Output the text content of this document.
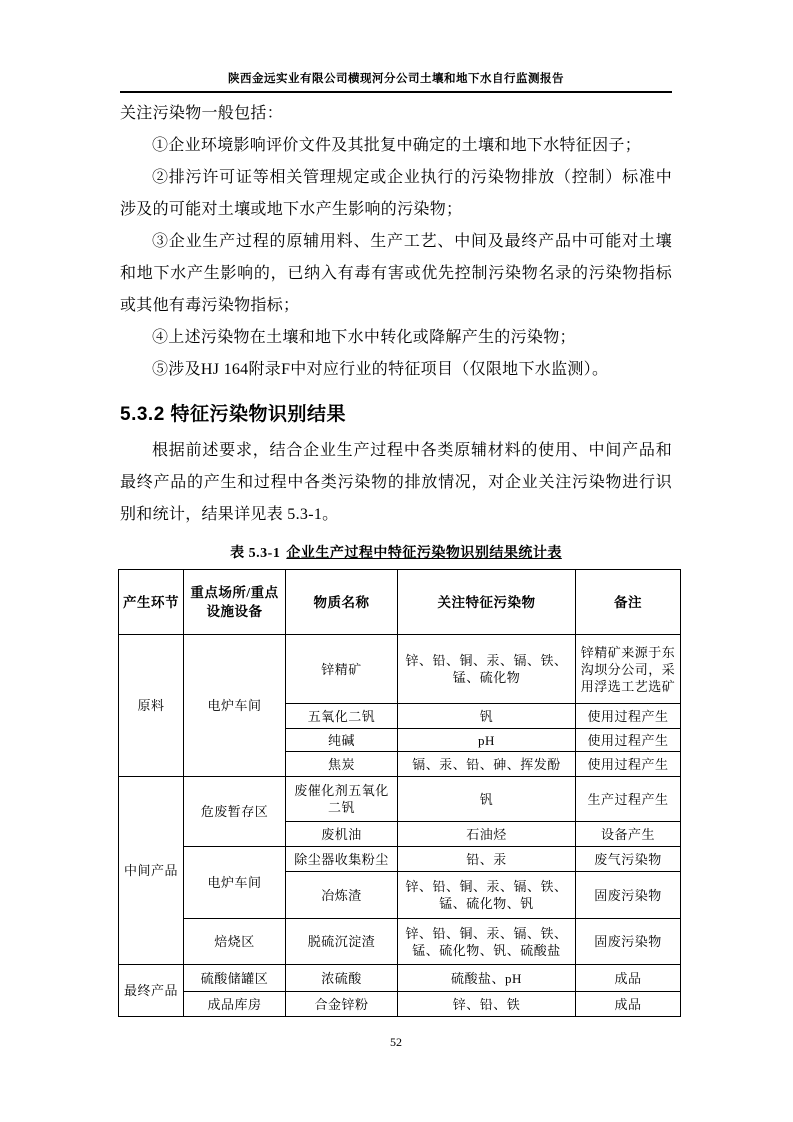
陕西金远实业有限公司横现河分公司土壤和地下水自行监测报告

关注污染物一般包括：

①企业环境影响评价文件及其批复中确定的土壤和地下水特征因子；

②排污许可证等相关管理规定或企业执行的污染物排放（控制）标准中涉及的可能对土壤或地下水产生影响的污染物；

③企业生产过程的原辅用料、生产工艺、中间及最终产品中可能对土壤和地下水产生影响的，已纳入有毒有害或优先控制污染物名录的污染物指标或其他有毒污染物指标；

④上述污染物在土壤和地下水中转化或降解产生的污染物；

⑤涉及HJ 164附录F中对应行业的特征项目（仅限地下水监测）。

5.3.2 特征污染物识别结果

根据前述要求，结合企业生产过程中各类原辅材料的使用、中间产品和最终产品的产生和过程中各类污染物的排放情况，对企业关注污染物进行识别和统计，结果详见表 5.3-1。

表 5.3-1 企业生产过程中特征污染物识别结果统计表
产生环节	重点场所/重点设施设备	物质名称	关注特征污染物	备注
原料	电炉车间	锌精矿	锌、铅、铜、汞、镉、铁、锰、硫化物	锌精矿来源于东沟坝分公司，采用浮选工艺选矿
		五氧化二钒	钒	使用过程产生
		纯碱	pH	使用过程产生
		焦炭	镉、汞、铅、砷、挥发酚	使用过程产生
中间产品	危废暂存区	废催化剂五氧化二钒	钒	生产过程产生
		废机油	石油烃	设备产生
	电炉车间	除尘器收集粉尘	铅、汞	废气污染物
		冶炼渣	锌、铅、铜、汞、镉、铁、锰、硫化物、钒	固废污染物
	焙烧区	脱硫沉淀渣	锌、铅、铜、汞、镉、铁、锰、硫化物、钒、硫酸盐	固废污染物
最终产品	硫酸储罐区	浓硫酸	硫酸盐、pH	成品
	成品库房	合金锌粉	锌、铅、铁	成品
52
